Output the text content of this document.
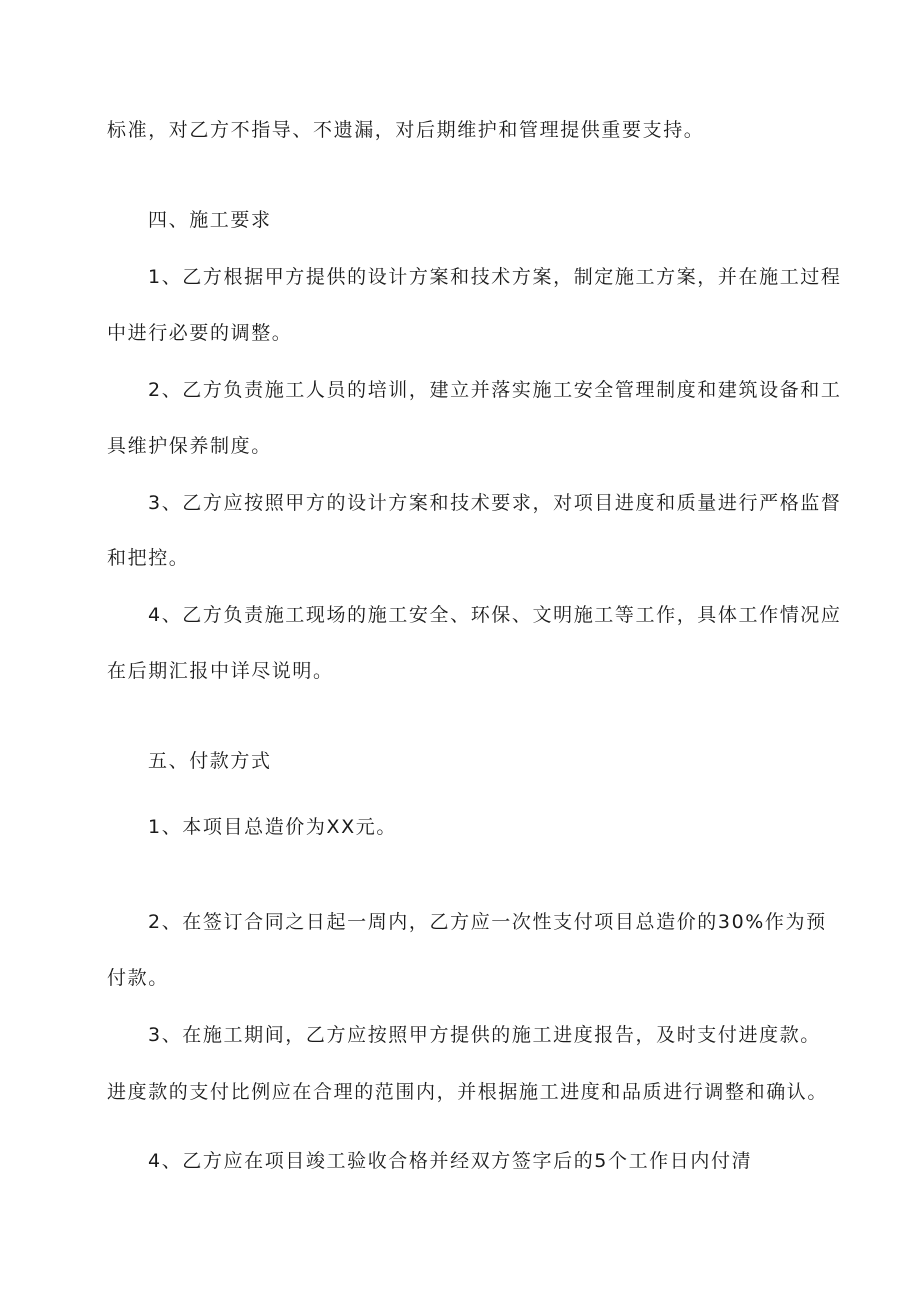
标准，对乙方不指导、不遗漏，对后期维护和管理提供重要支持。
四、施工要求
1、乙方根据甲方提供的设计方案和技术方案，制定施工方案，并在施工过程
中进行必要的调整。
2、乙方负责施工人员的培训，建立并落实施工安全管理制度和建筑设备和工
具维护保养制度。
3、乙方应按照甲方的设计方案和技术要求，对项目进度和质量进行严格监督
和把控。
4、乙方负责施工现场的施工安全、环保、文明施工等工作，具体工作情况应
在后期汇报中详尽说明。
五、付款方式
1、本项目总造价为XX元。
2、在签订合同之日起一周内，乙方应一次性支付项目总造价的30%作为预
付款。
3、在施工期间，乙方应按照甲方提供的施工进度报告，及时支付进度款。
进度款的支付比例应在合理的范围内，并根据施工进度和品质进行调整和确认。
4、乙方应在项目竣工验收合格并经双方签字后的5个工作日内付清
